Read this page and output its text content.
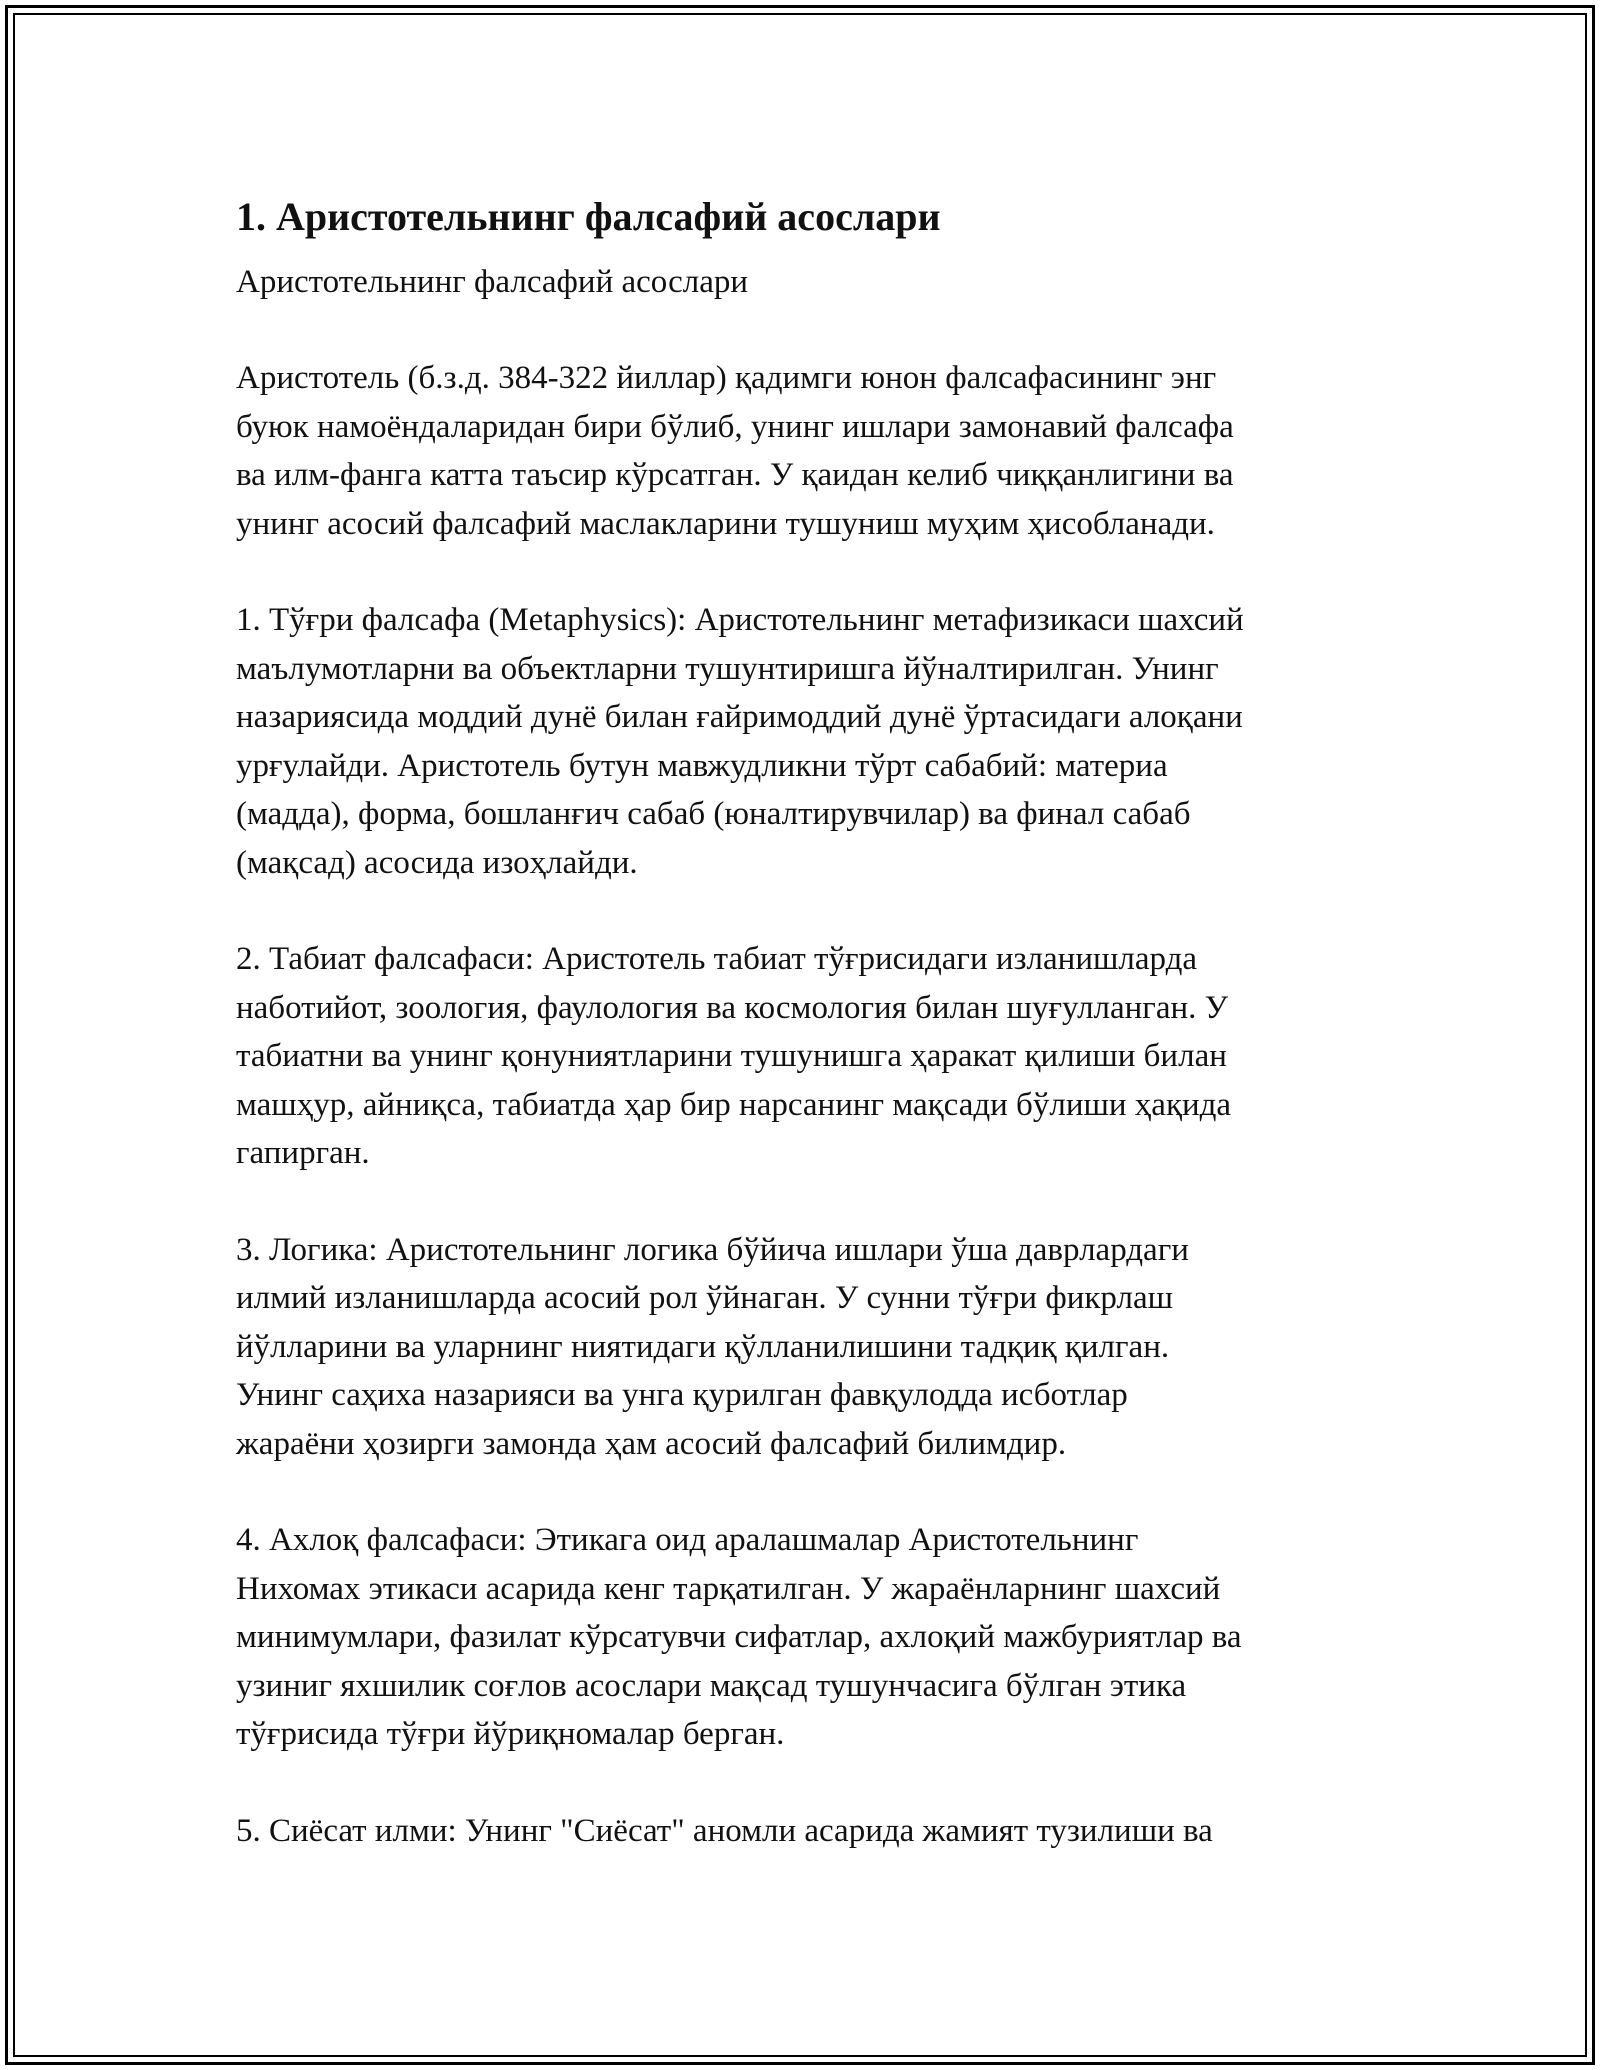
1. Аристотельнинг фалсафий асослари

Аристотельнинг фалсафий асослари

Аристотель (б.з.д. 384-322 йиллар) қадимги юнон фалсафасининг энг
буюк намоёндаларидан бири бўлиб, унинг ишлари замонавий фалсафа
ва илм-фанга катта таъсир кўрсатган. У қаидан келиб чиққанлигини ва
унинг асосий фалсафий маслакларини тушуниш муҳим ҳисобланади.

1. Тўғри фалсафа (Metaphysics): Аристотельнинг метафизикаси шахсий
маълумотларни ва объектларни тушунтиришга йўналтирилган. Унинг
назариясида моддий дунё билан ғайримоддий дунё ўртасидаги алоқани
урғулайди. Аристотель бутун мавжудликни тўрт сабабий: материа
(мадда), форма, бошланғич сабаб (юналтирувчилар) ва финал сабаб
(мақсад) асосида изоҳлайди.

2. Табиат фалсафаси: Аристотель табиат тўғрисидаги изланишларда
наботийот, зоология, фаулология ва космология билан шуғулланган. У
табиатни ва унинг қонуниятларини тушунишга ҳаракат қилиши билан
машҳур, айниқса, табиатда ҳар бир нарсанинг мақсади бўлиши ҳақида
гапирган.

3. Логика: Аристотельнинг логика бўйича ишлари ўша даврлардаги
илмий изланишларда асосий рол ўйнаган. У сунни тўғри фикрлаш
йўлларини ва уларнинг ниятидаги қўлланилишини тадқиқ қилган.
Унинг саҳиха назарияси ва унга қурилган фавқулодда исботлар
жараёни ҳозирги замонда ҳам асосий фалсафий билимдир.

4. Ахлоқ фалсафаси: Этикага оид аралашмалар Аристотельнинг
Нихомах этикаси асарида кенг тарқатилган. У жараёнларнинг шахсий
минимумлари, фазилат кўрсатувчи сифатлар, ахлоқий мажбуриятлар ва
узиниг яхшилик соғлов асослари мақсад тушунчасига бўлган этика
тўғрисида тўғри йўриқномалар берган.

5. Сиёсат илми: Унинг "Сиёсат" аномли асарида жамият тузилиши ва
